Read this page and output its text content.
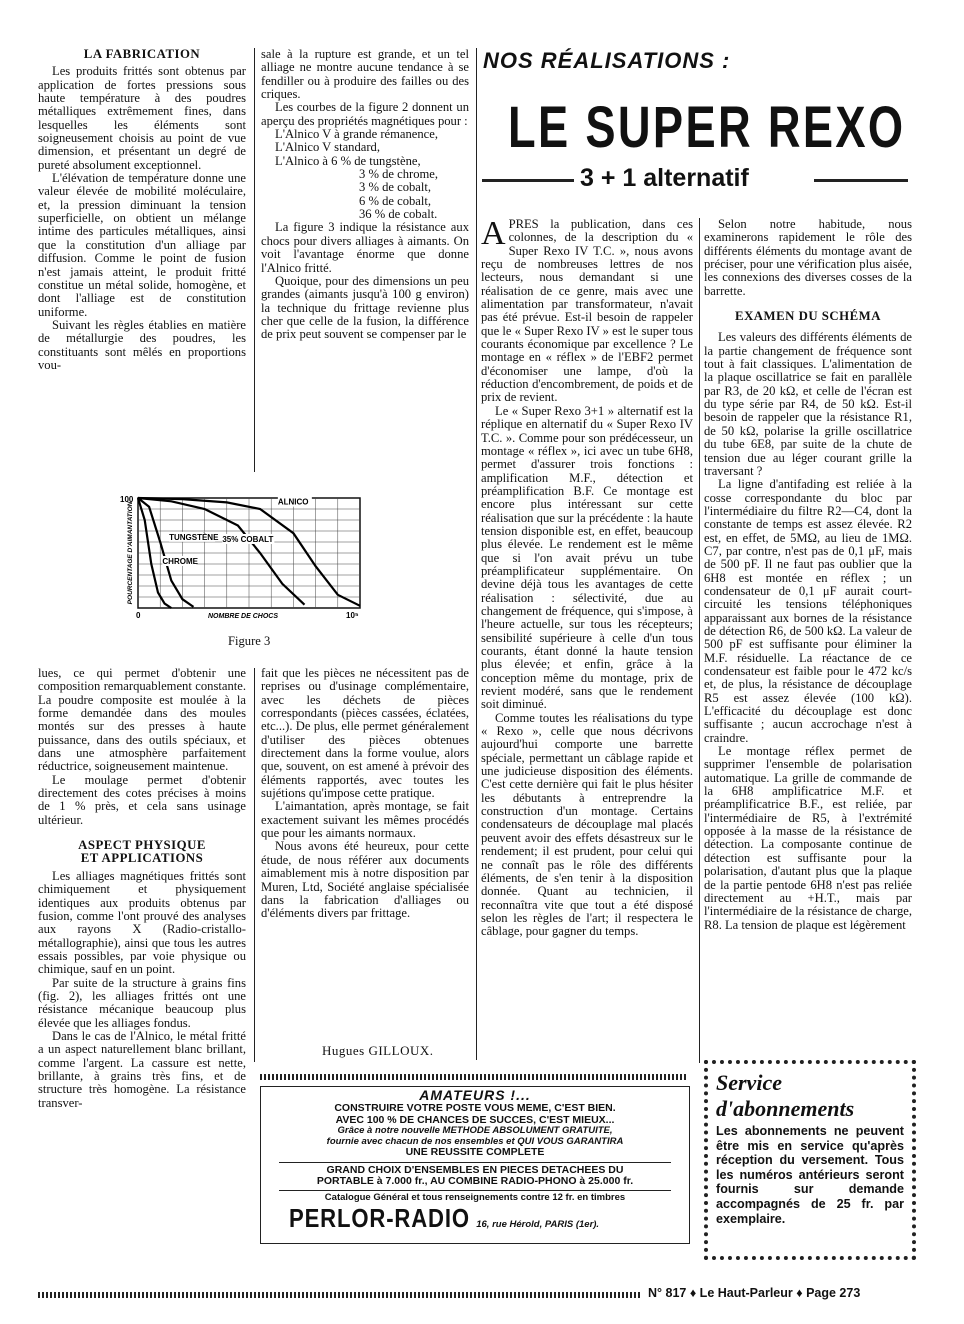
LA FABRICATION

Les produits frittés sont obtenus par application de fortes pressions sous haute température à des poudres métalliques extrêmement fines, dans lesquelles les éléments sont soigneusement choisis au point de vue dimension, et présentant un degré de pureté absolument exceptionnel.

L'élévation de température donne une valeur élevée de mobilité moléculaire, et, la pression diminuant la tension superficielle, on obtient un mélange intime des particules métalliques, ainsi que la constitution d'un alliage par diffusion. Comme le point de fusion n'est jamais atteint, le produit fritté constitue un métal solide, homogène, et dont l'alliage est de constitution uniforme.

Suivant les règles établies en matière de métallurgie des poudres, les constituants sont mêlés en proportions vou-

sale à la rupture est grande, et un tel alliage ne montre aucune tendance à se fendiller ou à produire des failles ou des criques.

Les courbes de la figure 2 donnent un aperçu des propriétés magnétiques pour :

L'Alnico V à grande rémanence,

L'Alnico V standard,

L'Alnico à 6 % de tungstène,
3 % de chrome,
3 % de cobalt,
6 % de cobalt,
36 % de cobalt.

La figure 3 indique la résistance aux chocs pour divers alliages à aimants. On voit l'avantage énorme que donne l'Alnico fritté.

Quoique, pour des dimensions un peu grandes (aimants jusqu'à 100 g environ) la technique du frittage revienne plus cher que celle de la fusion, la différence de prix peut souvent se compenser par le

ALNICO
TUNGSTÈNE 35% COBALT
CHROME
100
0	10⁵
NOMBRE DE CHOCS
POURCENTAGE D'AIMANTATION
Figure 3

lues, ce qui permet d'obtenir une composition remarquablement constante. La poudre composite est moulée à la forme demandée dans des moules montés sur des presses à haute puissance, dans des outils spéciaux, et dans une atmosphère parfaitement réductrice, soigneusement maintenue.

Le moulage permet d'obtenir directement des cotes précises à moins de 1 % près, et cela sans usinage ultérieur.

ASPECT PHYSIQUE
ET APPLICATIONS

Les alliages magnétiques frittés sont chimiquement et physiquement identiques aux produits obtenus par fusion, comme l'ont prouvé des analyses aux rayons X (Radio-cristallo-métallographie), ainsi que tous les autres essais possibles, par voie physique ou chimique, sauf en un point.

Par suite de la structure à grains fins (fig. 2), les alliages frittés ont une résistance mécanique beaucoup plus élevée que les alliages fondus.

Dans le cas de l'Alnico, le métal fritté a un aspect naturellement blanc brillant, comme l'argent. La cassure est nette, brillante, à grains très fins, et de structure très homogène. La résistance transver-

fait que les pièces ne nécessitent pas de reprises ou d'usinage complémentaire, avec les déchets de pièces correspondants (pièces cassées, éclatées, etc...). De plus, elle permet généralement d'utiliser des pièces obtenues directement dans la forme voulue, alors que, souvent, on est amené à prévoir des éléments rapportés, avec toutes les sujétions qu'impose cette pratique.

L'aimantation, après montage, se fait exactement suivant les mêmes procédés que pour les aimants normaux.

Nous avons été heureux, pour cette étude, de nous référer aux documents aimablement mis à notre disposition par Muren, Ltd, Société anglaise spécialisée dans la fabrication d'alliages ou d'éléments divers par frittage.

Hugues GILLOUX.
NOS RÉALISATIONS :
LE SUPER REXO
3 + 1 alternatif

APRES la publication, dans ces colonnes, de la description du « Super Rexo IV T.C. », nous avons reçu de nombreuses lettres de nos lecteurs, nous demandant si une réalisation de ce genre, mais avec une alimentation par transformateur, n'avait pas été prévue. Est-il besoin de rappeler que le « Super Rexo IV » est le super tous courants économique par excellence ? Le montage en « réflex » de l'EBF2 permet d'économiser une lampe, d'où la réduction d'encombrement, de poids et de prix de revient.

Le « Super Rexo 3+1 » alternatif est la réplique en alternatif du « Super Rexo IV T.C. ». Comme pour son prédécesseur, un montage « réflex », ici avec un tube 6H8, permet d'assurer trois fonctions : amplification M.F., détection et préamplification B.F. Ce montage est encore plus intéressant sur cette réalisation que sur la précédente : la haute tension disponible est, en effet, beaucoup plus élevée. Le rendement est le même que si l'on avait prévu un tube préamplificateur supplémentaire. On devine déjà tous les avantages de cette réalisation : sélectivité, due au changement de fréquence, qui s'impose, à l'heure actuelle, sur tous les récepteurs; sensibilité supérieure à celle d'un tous courants, étant donné la haute tension plus élevée; et enfin, grâce à la conception même du montage, prix de revient modéré, sans que le rendement soit diminué.

Comme toutes les réalisations du type « Rexo », celle que nous décrivons aujourd'hui comporte une barrette spéciale, permettant un câblage rapide et une judicieuse disposition des éléments. C'est cette dernière qui fait le plus hésiter les débutants à entreprendre la construction d'un montage. Certains condensateurs de découplage mal placés peuvent avoir des effets désastreux sur le rendement; il est prudent, pour celui qui ne connaît pas le rôle des différents éléments, de s'en tenir à la disposition donnée. Quant au technicien, il reconnaîtra vite que tout a été disposé selon les règles de l'art; il respectera le câblage, pour gagner du temps.

Selon notre habitude, nous examinerons rapidement le rôle des différents éléments du montage avant de préciser, pour une vérification plus aisée, les connexions des diverses cosses de la barrette.

EXAMEN DU SCHÉMA

Les valeurs des différents éléments de la partie changement de fréquence sont tout à fait classiques. L'alimentation de la plaque oscillatrice se fait en parallèle par R3, de 20 kΩ, et celle de l'écran est du type série par R4, de 50 kΩ. Est-il besoin de rappeler que la résistance R1, de 50 kΩ, polarise la grille oscillatrice du tube 6E8, par suite de la chute de tension due au léger courant grille la traversant ?

La ligne d'antifading est reliée à la cosse correspondante du bloc par l'intermédiaire du filtre R2—C4, dont la constante de temps est assez élevée. R2 est, en effet, de 5MΩ, au lieu de 1MΩ. C7, par contre, n'est pas de 0,1 μF, mais de 500 pF. Il ne faut pas oublier que la 6H8 est montée en réflex ; un condensateur de 0,1 μF aurait court-circuité les tensions téléphoniques apparaissant aux bornes de la résistance de détection R6, de 500 kΩ. La valeur de 500 pF est suffisante pour éliminer la M.F. résiduelle. La réactance de ce condensateur est faible pour le 472 kc/s et, de plus, la résistance de découplage R5 est assez élevée (100 kΩ). L'efficacité du découplage est donc suffisante ; aucun accrochage n'est à craindre.

Le montage réflex permet de supprimer l'ensemble de polarisation automatique. La grille de commande de la 6H8 amplificatrice M.F. et préamplificatrice B.F., est reliée, par l'intermédiaire de R5, à l'extrémité opposée à la masse de la résistance de détection. La composante continue de détection est suffisante pour la polarisation, d'autant plus que la plaque de la partie pentode 6H8 n'est pas reliée directement au +H.T., mais par l'intermédiaire de la résistance de charge, R8. La tension de plaque est légèrement

AMATEURS !...
CONSTRUIRE VOTRE POSTE VOUS MEME, C'EST BIEN.
AVEC 100 % DE CHANCES DE SUCCES, C'EST MIEUX...
Grâce à notre nouvelle METHODE ABSOLUMENT GRATUITE,
fournie avec chacun de nos ensembles et QUI VOUS GARANTIRA
UNE REUSSITE COMPLETE
GRAND CHOIX D'ENSEMBLES EN PIECES DETACHEES DU
PORTABLE à 7.000 fr., AU COMBINE RADIO-PHONO à 25.000 fr.
Catalogue Général et tous renseignements contre 12 fr. en timbres
PERLOR-RADIO 16, rue Hérold, PARIS (1er).
Service
d'abonnements
Les abonnements ne peuvent être mis en service qu'après réception du versement. Tous les numéros antérieurs seront fournis sur demande accompagnés de 25 fr. par exemplaire.
N° 817 ♦ Le Haut-Parleur ♦ Page 273
